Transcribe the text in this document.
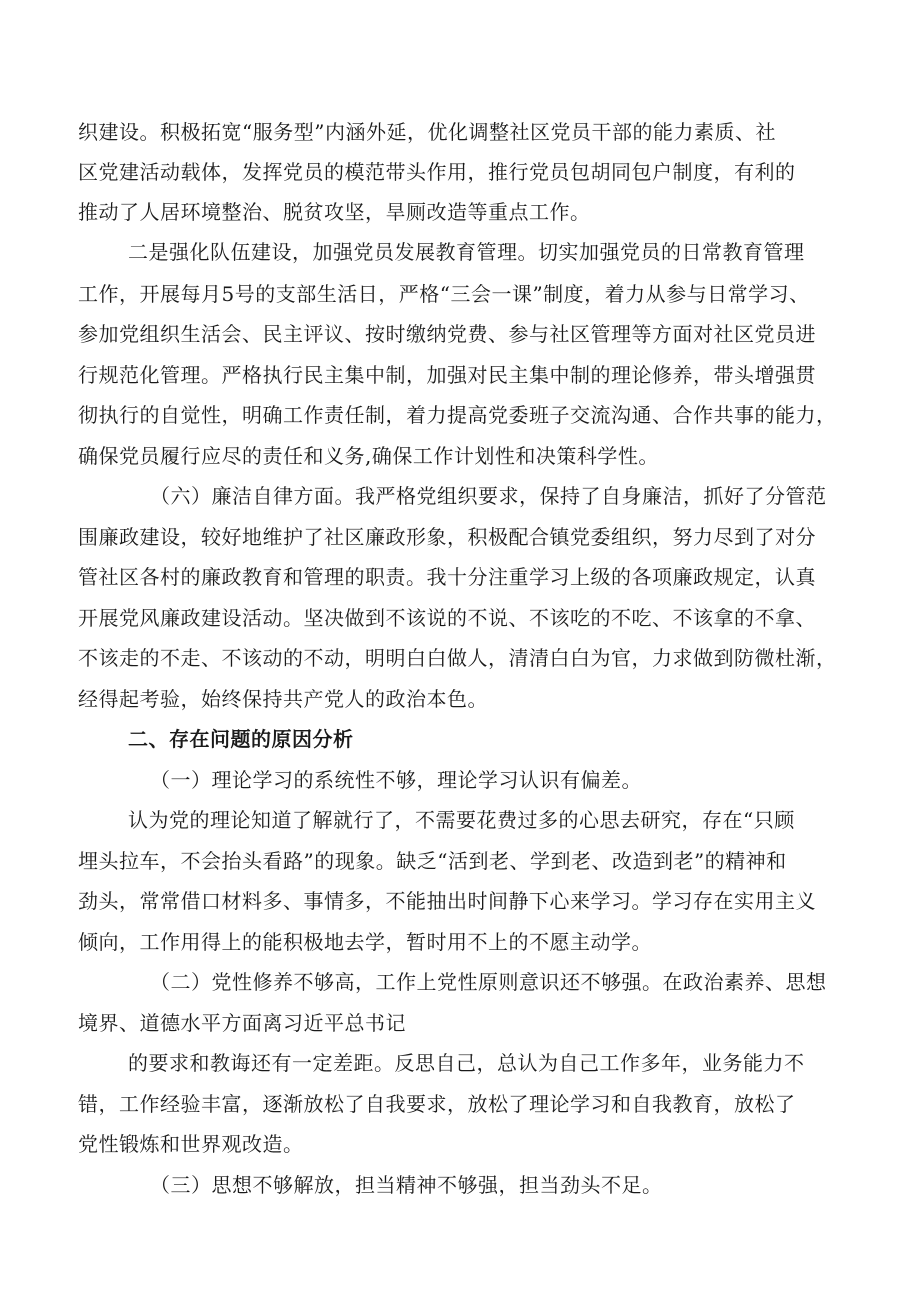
织建设。积极拓宽“服务型”内涵外延，优化调整社区党员干部的能力素质、社
区党建活动载体，发挥党员的模范带头作用，推行党员包胡同包户制度，有利的
推动了人居环境整治、脱贫攻坚，旱厕改造等重点工作。
二是强化队伍建设，加强党员发展教育管理。切实加强党员的日常教育管理
工作，开展每月5号的支部生活日，严格“三会一课”制度，着力从参与日常学习、
参加党组织生活会、民主评议、按时缴纳党费、参与社区管理等方面对社区党员进
行规范化管理。严格执行民主集中制，加强对民主集中制的理论修养，带头增强贯
彻执行的自觉性，明确工作责任制，着力提高党委班子交流沟通、合作共事的能力，
确保党员履行应尽的责任和义务,确保工作计划性和决策科学性。
（六）廉洁自律方面。我严格党组织要求，保持了自身廉洁，抓好了分管范
围廉政建设，较好地维护了社区廉政形象，积极配合镇党委组织，努力尽到了对分
管社区各村的廉政教育和管理的职责。我十分注重学习上级的各项廉政规定，认真
开展党风廉政建设活动。坚决做到不该说的不说、不该吃的不吃、不该拿的不拿、
不该走的不走、不该动的不动，明明白白做人，清清白白为官，力求做到防微杜渐，
经得起考验，始终保持共产党人的政治本色。
二、存在问题的原因分析
（一）理论学习的系统性不够，理论学习认识有偏差。
认为党的理论知道了解就行了，不需要花费过多的心思去研究，存在“只顾
埋头拉车，不会抬头看路”的现象。缺乏“活到老、学到老、改造到老”的精神和
劲头，常常借口材料多、事情多，不能抽出时间静下心来学习。学习存在实用主义
倾向，工作用得上的能积极地去学，暂时用不上的不愿主动学。
（二）党性修养不够高，工作上党性原则意识还不够强。在政治素养、思想
境界、道德水平方面离习近平总书记
的要求和教诲还有一定差距。反思自己，总认为自己工作多年，业务能力不
错，工作经验丰富，逐渐放松了自我要求，放松了理论学习和自我教育，放松了
党性锻炼和世界观改造。
（三）思想不够解放，担当精神不够强，担当劲头不足。
